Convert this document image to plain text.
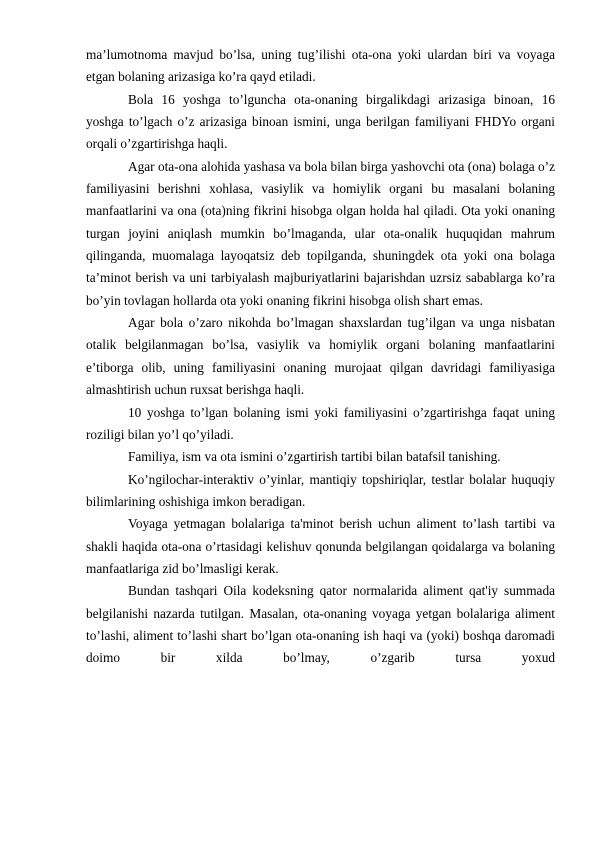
ma’lumotnoma mavjud bo’lsa, uning tug’ilishi ota-ona yoki ulardan biri va voyaga etgan bolaning arizasiga ko’ra qayd etiladi.

Bola 16 yoshga to’lguncha ota-onaning birgalikdagi arizasiga binoan, 16 yoshga to’lgach o’z arizasiga binoan ismini, unga berilgan familiyani FHDYo organi orqali o’zgartirishga haqli.

Agar ota-ona alohida yashasa va bola bilan birga yashovchi ota (ona) bolaga o’z familiyasini berishni xohlasa, vasiylik va homiylik organi bu masalani bolaning manfaatlarini va ona (ota)ning fikrini hisobga olgan holda hal qiladi. Ota yoki onaning turgan joyini aniqlash mumkin bo’lmaganda, ular ota-onalik huquqidan mahrum qilinganda, muomalaga layoqatsiz deb topilganda, shuningdek ota yoki ona bolaga ta’minot berish va uni tarbiyalash majburiyatlarini bajarishdan uzrsiz sabablarga ko’ra bo’yin tovlagan hollarda ota yoki onaning fikrini hisobga olish shart emas.

Agar bola o’zaro nikohda bo’lmagan shaxslardan tug’ilgan va unga nisbatan otalik belgilanmagan bo’lsa, vasiylik va homiylik organi bolaning manfaatlarini e’tiborga olib, uning familiyasini onaning murojaat qilgan davridagi familiyasiga almashtirish uchun ruxsat berishga haqli.

10 yoshga to’lgan bolaning ismi yoki familiyasini o’zgartirishga faqat uning roziligi bilan yo’l qo’yiladi.

Familiya, ism va ota ismini o’zgartirish tartibi bilan batafsil tanishing.

Ko’ngilochar-interaktiv o’yinlar, mantiqiy topshiriqlar, testlar bolalar huquqiy bilimlarining oshishiga imkon beradigan.

Voyaga yetmagan bolalariga ta'minot berish uchun aliment to’lash tartibi va shakli haqida ota-ona o’rtasidagi kelishuv qonunda belgilangan qoidalarga va bolaning manfaatlariga zid bo’lmasligi kerak.

Bundan tashqari Oila kodeksning qator normalarida aliment qat'iy summada belgilanishi nazarda tutilgan. Masalan, ota-onaning voyaga yetgan bolalariga aliment to’lashi, aliment to’lashi shart bo’lgan ota-onaning ish haqi va (yoki) boshqa daromadi doimo bir xilda bo’lmay, o’zgarib tursa yoxud
